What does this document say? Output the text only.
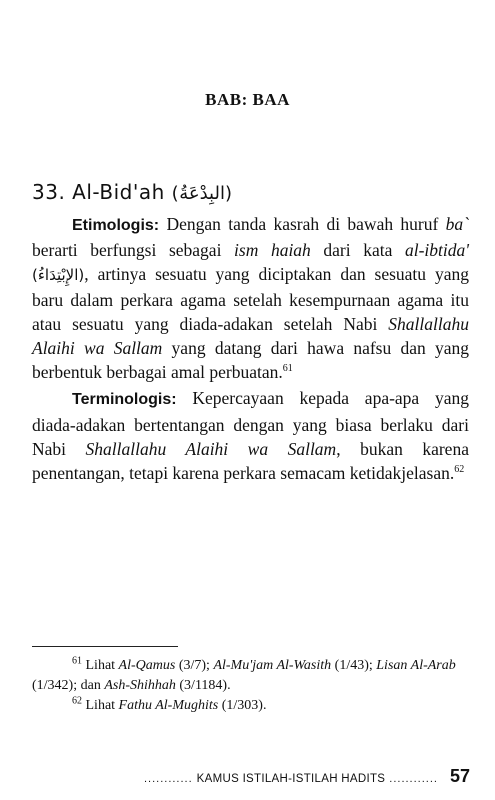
BAB: BAA
33. Al-Bid'ah (البِدْعَةُ)

Etimologis: Dengan tanda kasrah di bawah huruf ba` berarti berfungsi sebagai ism haiah dari kata al-ibtida' (الإِبْتِدَاءُ), artinya sesuatu yang diciptakan dan sesuatu yang baru dalam perkara agama setelah kesempurnaan agama itu atau sesuatu yang diada-adakan setelah Nabi Shallallahu Alaihi wa Sallam yang datang dari hawa nafsu dan yang berbentuk berbagai amal perbuatan.$^{61}$

Terminologis: Kepercayaan kepada apa-apa yang diada-adakan bertentangan dengan yang biasa berlaku dari Nabi Shallallahu Alaihi wa Sallam, bukan karena penentangan, tetapi karena perkara semacam ketidakjelasan.$^{62}$

$^{61}$ Lihat Al-Qamus (3/7); Al-Mu'jam Al-Wasith (1/43); Lisan Al-Arab (1/342); dan Ash-Shihhah (3/1184).

$^{62}$ Lihat Fathu Al-Mughits (1/303).

............ KAMUS ISTILAH-ISTILAH HADITS ............ 57
